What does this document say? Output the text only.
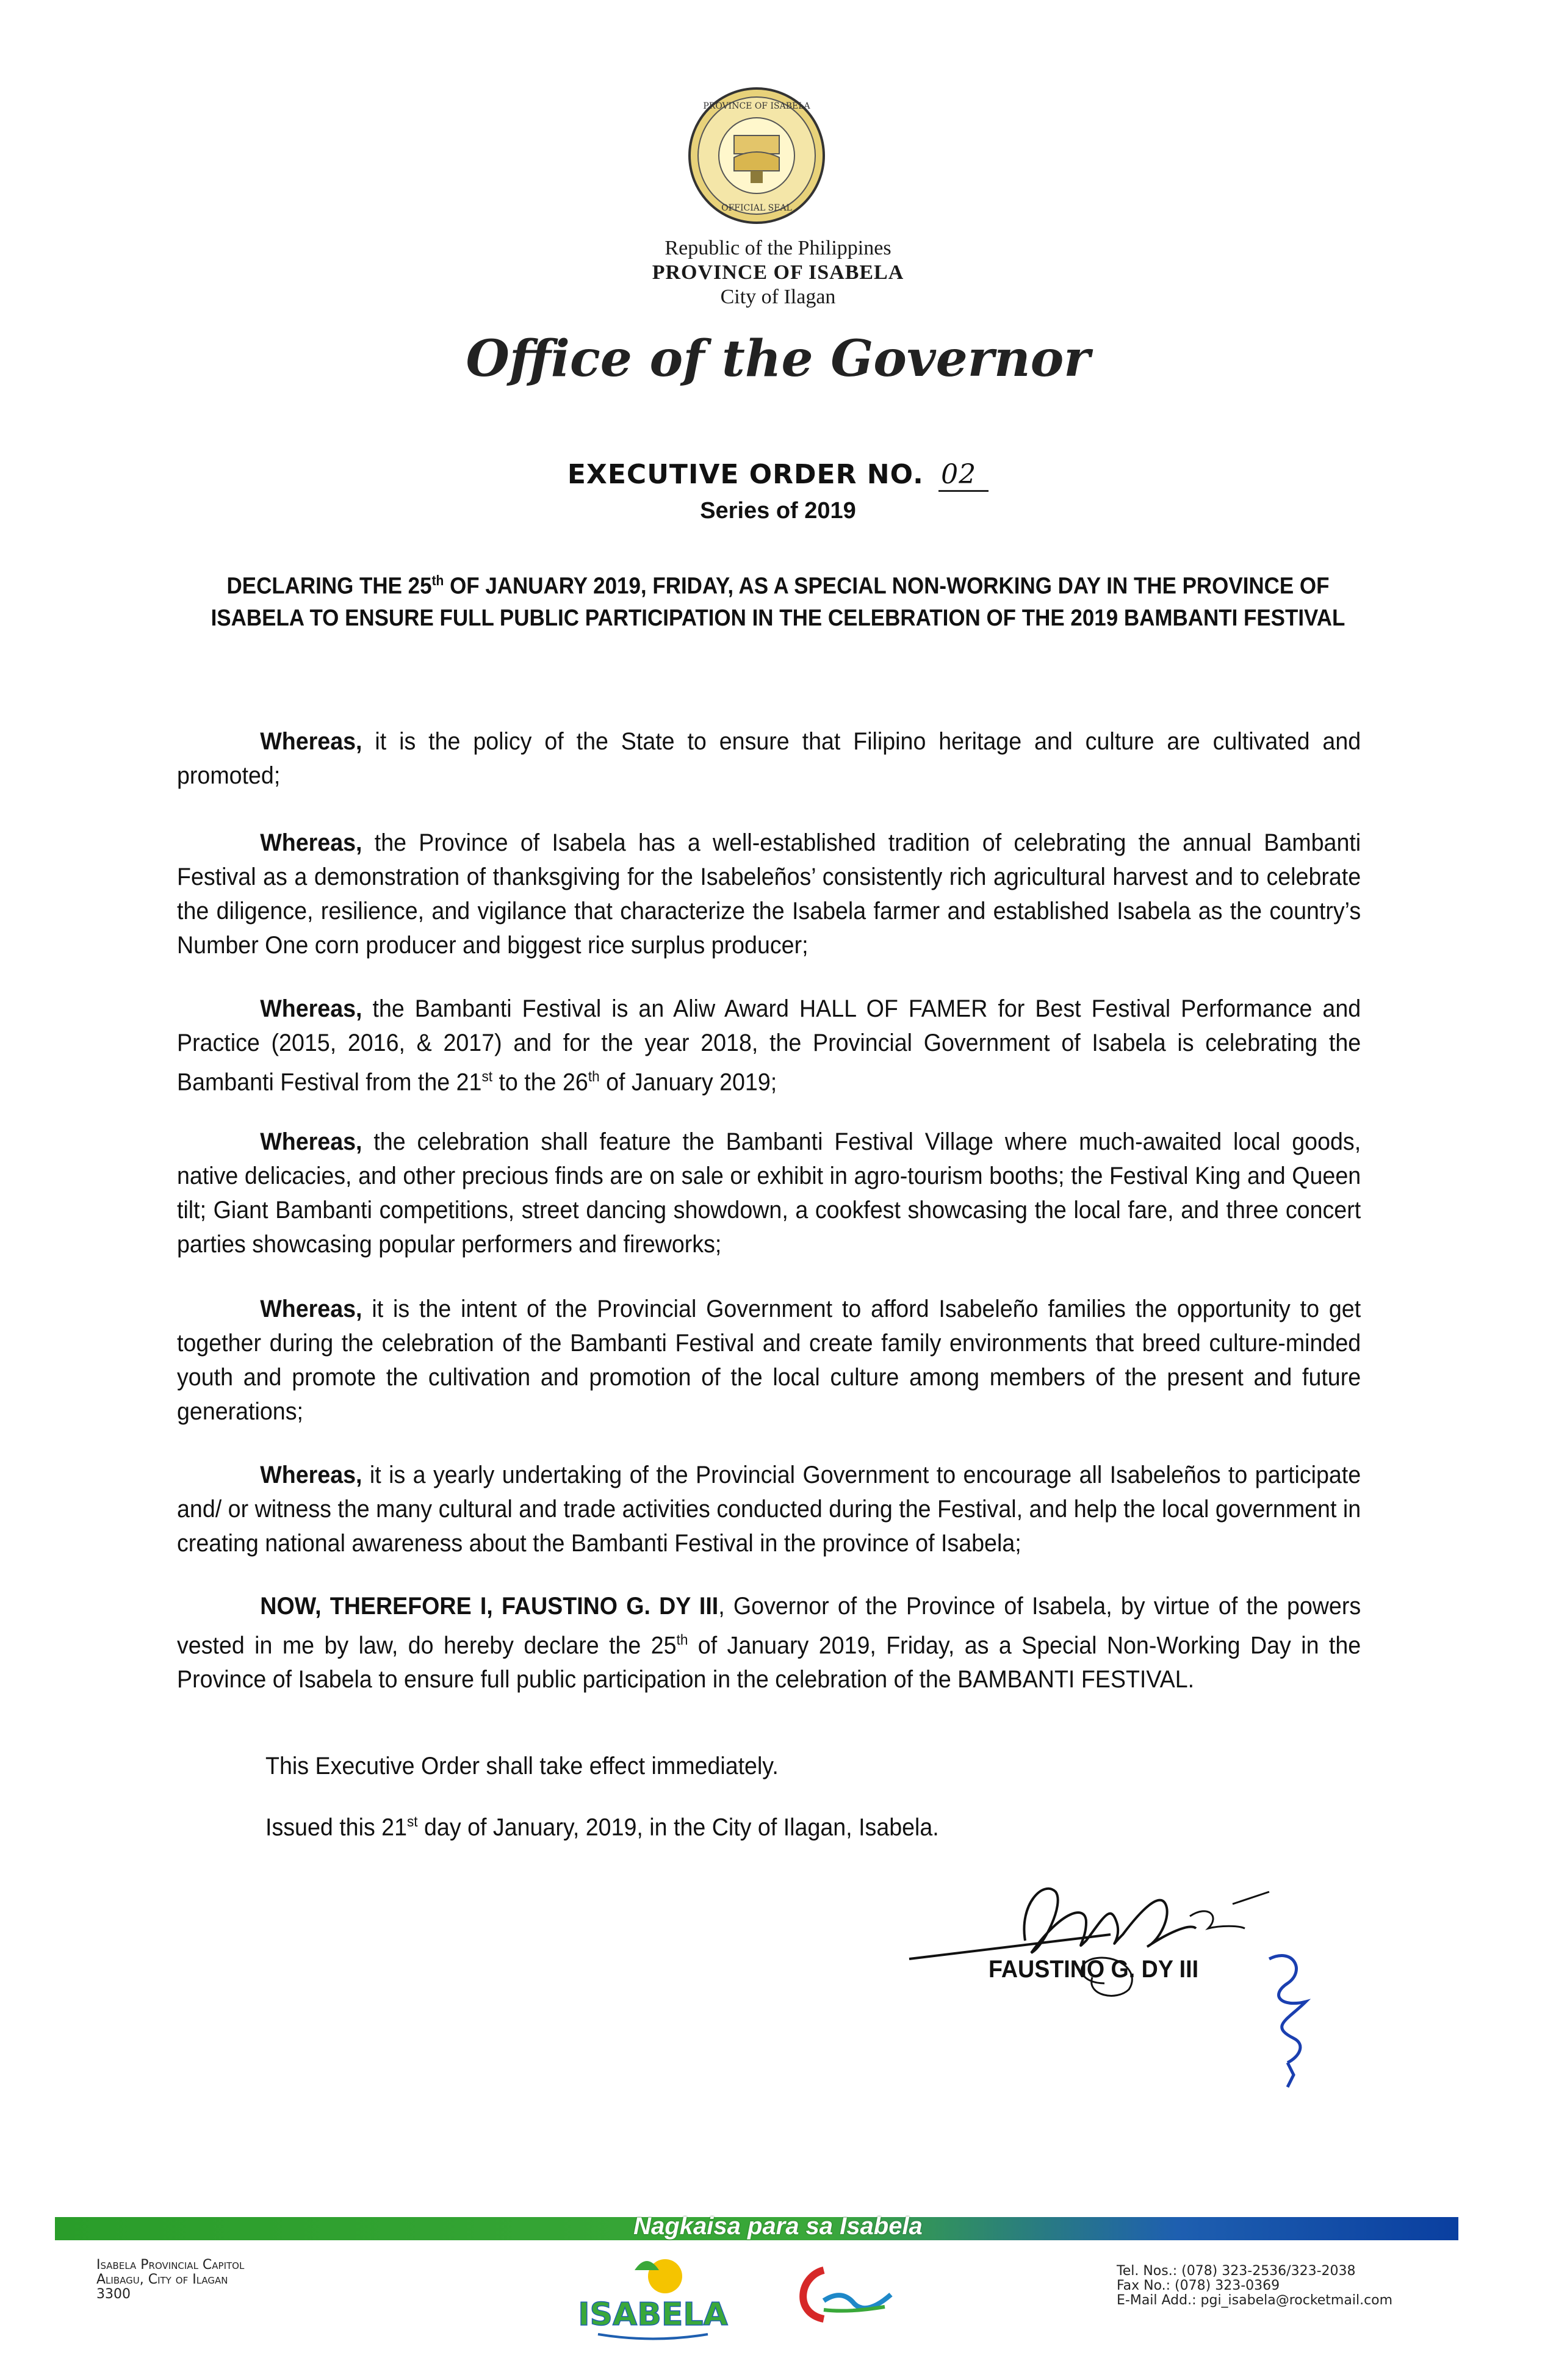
PROVINCE OF ISABELA
OFFICIAL SEAL
Republic of the Philippines
PROVINCE OF ISABELA
City of Ilagan
Office of the Governor
EXECUTIVE ORDER NO. 02
Series of 2019
DECLARING THE 25th OF JANUARY 2019, FRIDAY, AS A SPECIAL NON-WORKING DAY IN THE PROVINCE OF ISABELA TO ENSURE FULL PUBLIC PARTICIPATION IN THE CELEBRATION OF THE 2019 BAMBANTI FESTIVAL
Whereas, it is the policy of the State to ensure that Filipino heritage and culture are cultivated and promoted;
Whereas, the Province of Isabela has a well-established tradition of celebrating the annual Bambanti Festival as a demonstration of thanksgiving for the Isabeleños’ consistently rich agricultural harvest and to celebrate the diligence, resilience, and vigilance that characterize the Isabela farmer and established Isabela as the country’s Number One corn producer and biggest rice surplus producer;
Whereas, the Bambanti Festival is an Aliw Award HALL OF FAMER for Best Festival Performance and Practice (2015, 2016, & 2017) and for the year 2018, the Provincial Government of Isabela is celebrating the Bambanti Festival from the 21st to the 26th of January 2019;
Whereas, the celebration shall feature the Bambanti Festival Village where much-awaited local goods, native delicacies, and other precious finds are on sale or exhibit in agro-tourism booths; the Festival King and Queen tilt; Giant Bambanti competitions, street dancing showdown, a cookfest showcasing the local fare, and three concert parties showcasing popular performers and fireworks;
Whereas, it is the intent of the Provincial Government to afford Isabeleño families the opportunity to get together during the celebration of the Bambanti Festival and create family environments that breed culture-minded youth and promote the cultivation and promotion of the local culture among members of the present and future generations;
Whereas, it is a yearly undertaking of the Provincial Government to encourage all Isabeleños to participate and/ or witness the many cultural and trade activities conducted during the Festival, and help the local government in creating national awareness about the Bambanti Festival in the province of Isabela;
NOW, THEREFORE I, FAUSTINO G. DY III, Governor of the Province of Isabela, by virtue of the powers vested in me by law, do hereby declare the 25th of January 2019, Friday, as a Special Non-Working Day in the Province of Isabela to ensure full public participation in the celebration of the BAMBANTI FESTIVAL.
This Executive Order shall take effect immediately.
Issued this 21st day of January, 2019, in the City of Ilagan, Isabela.
FAUSTINO G. DY III
Nagkaisa para sa Isabela
Isabela Provincial Capitol
Alibagu, City of Ilagan
3300
ISABELA
Tel. Nos.: (078) 323-2536/323-2038
Fax No.: (078) 323-0369
E-Mail Add.: pgi_isabela@rocketmail.com
